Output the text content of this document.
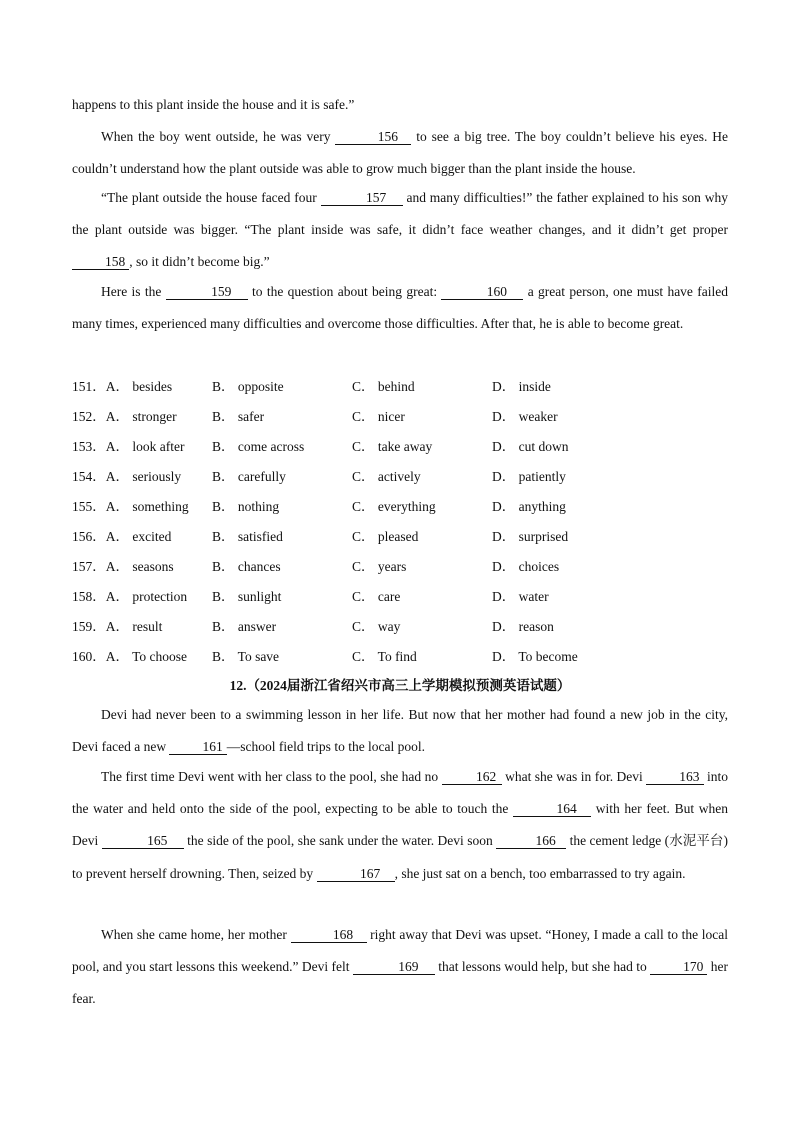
happens to this plant inside the house and it is safe.”

When the boy went outside, he was very	156 to see a big tree. The boy couldn’t believe his eyes. He couldn’t understand how the plant outside was able to grow much bigger than the plant inside the house.

“The plant outside the house faced four	157 and many difficulties!” the father explained to his son why the plant outside was bigger. “The plant inside was safe, it didn’t face weather changes, and it didn’t get proper 158 , so it didn’t become big.”

Here is the	159 to the question about being great:	160 a great person, one must have failed many times, experienced many difficulties and overcome those difficulties. After that, he is able to become great.

151．A． besides	B． opposite	C． behind	D． inside
152．A． stronger	B． safer	C． nicer	D． weaker
153．A． look after B． come across	C． take away	D． cut down
154．A． seriously B． carefully	C． actively	D． patiently
155．A． something B． nothing	C． everything	D． anything
156．A． excited	B． satisfied	C． pleased	D． surprised
157．A． seasons	B． chances	C． years	D． choices
158．A． protection B． sunlight	C． care	D． water
159．A． result	B． answer	C． way	D． reason
160．A． To choose B． To save	C． To find	D． To become
12.（2024届浙江省绍兴市高三上学期模拟预测英语试题）

Devi had never been to a swimming lesson in her life. But now that her mother had found a new job in the city, Devi faced a new 161 —school field trips to the local pool.

The first time Devi went with her class to the pool, she had no	162 what she was in for. Devi 163 into the water and held onto the side of the pool, expecting to be able to touch the	164 with her feet. But when Devi	165 the side of the pool, she sank under the water. Devi soon	166 the cement ledge (水泥平台) to prevent herself drowning. Then, seized by	167 , she just sat on a bench, too embarrassed to try again.

When she came home, her mother	168 right away that Devi was upset. “Honey, I made a call to the local pool, and you start lessons this weekend.” Devi felt	169 that lessons would help, but she had to 170 her fear.
